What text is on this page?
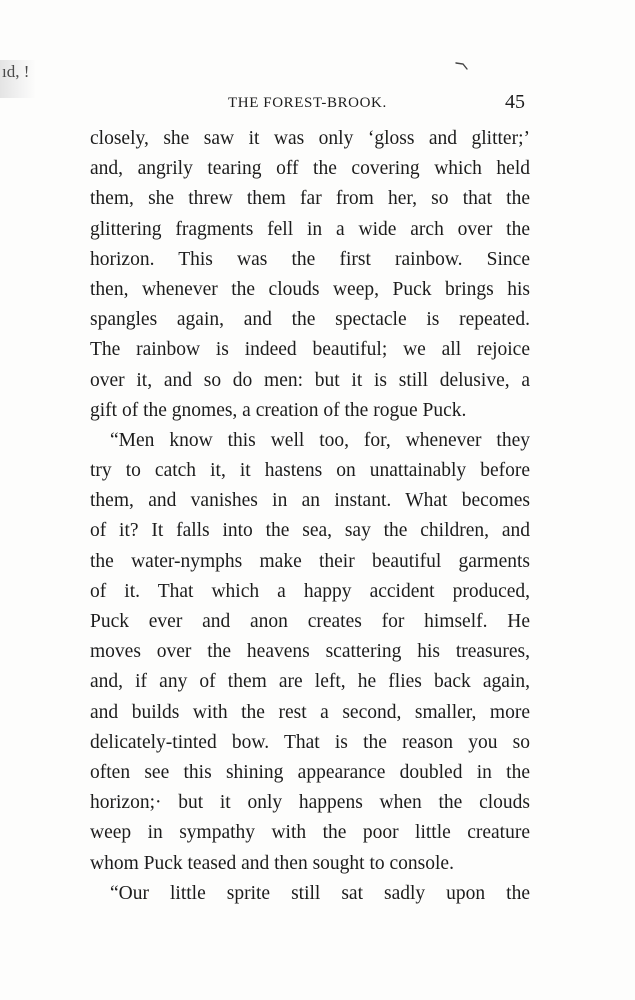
ıd, !
THE FOREST-BROOK.	45
closely, she saw it was only ‘gloss and glitter;’
and, angrily tearing off the covering which held
them, she threw them far from her, so that the
glittering fragments fell in a wide arch over the
horizon. This was the first rainbow. Since
then, whenever the clouds weep, Puck brings his
spangles again, and the spectacle is repeated.
The rainbow is indeed beautiful; we all rejoice
over it, and so do men: but it is still delusive, a
gift of the gnomes, a creation of the rogue Puck.
“Men know this well too, for, whenever they
try to catch it, it hastens on unattainably before
them, and vanishes in an instant. What becomes
of it? It falls into the sea, say the children, and
the water-nymphs make their beautiful garments
of it. That which a happy accident produced,
Puck ever and anon creates for himself. He
moves over the heavens scattering his treasures,
and, if any of them are left, he flies back again,
and builds with the rest a second, smaller, more
delicately-tinted bow. That is the reason you so
often see this shining appearance doubled in the
horizon;· but it only happens when the clouds
weep in sympathy with the poor little creature
whom Puck teased and then sought to console.
“Our little sprite still sat sadly upon the
